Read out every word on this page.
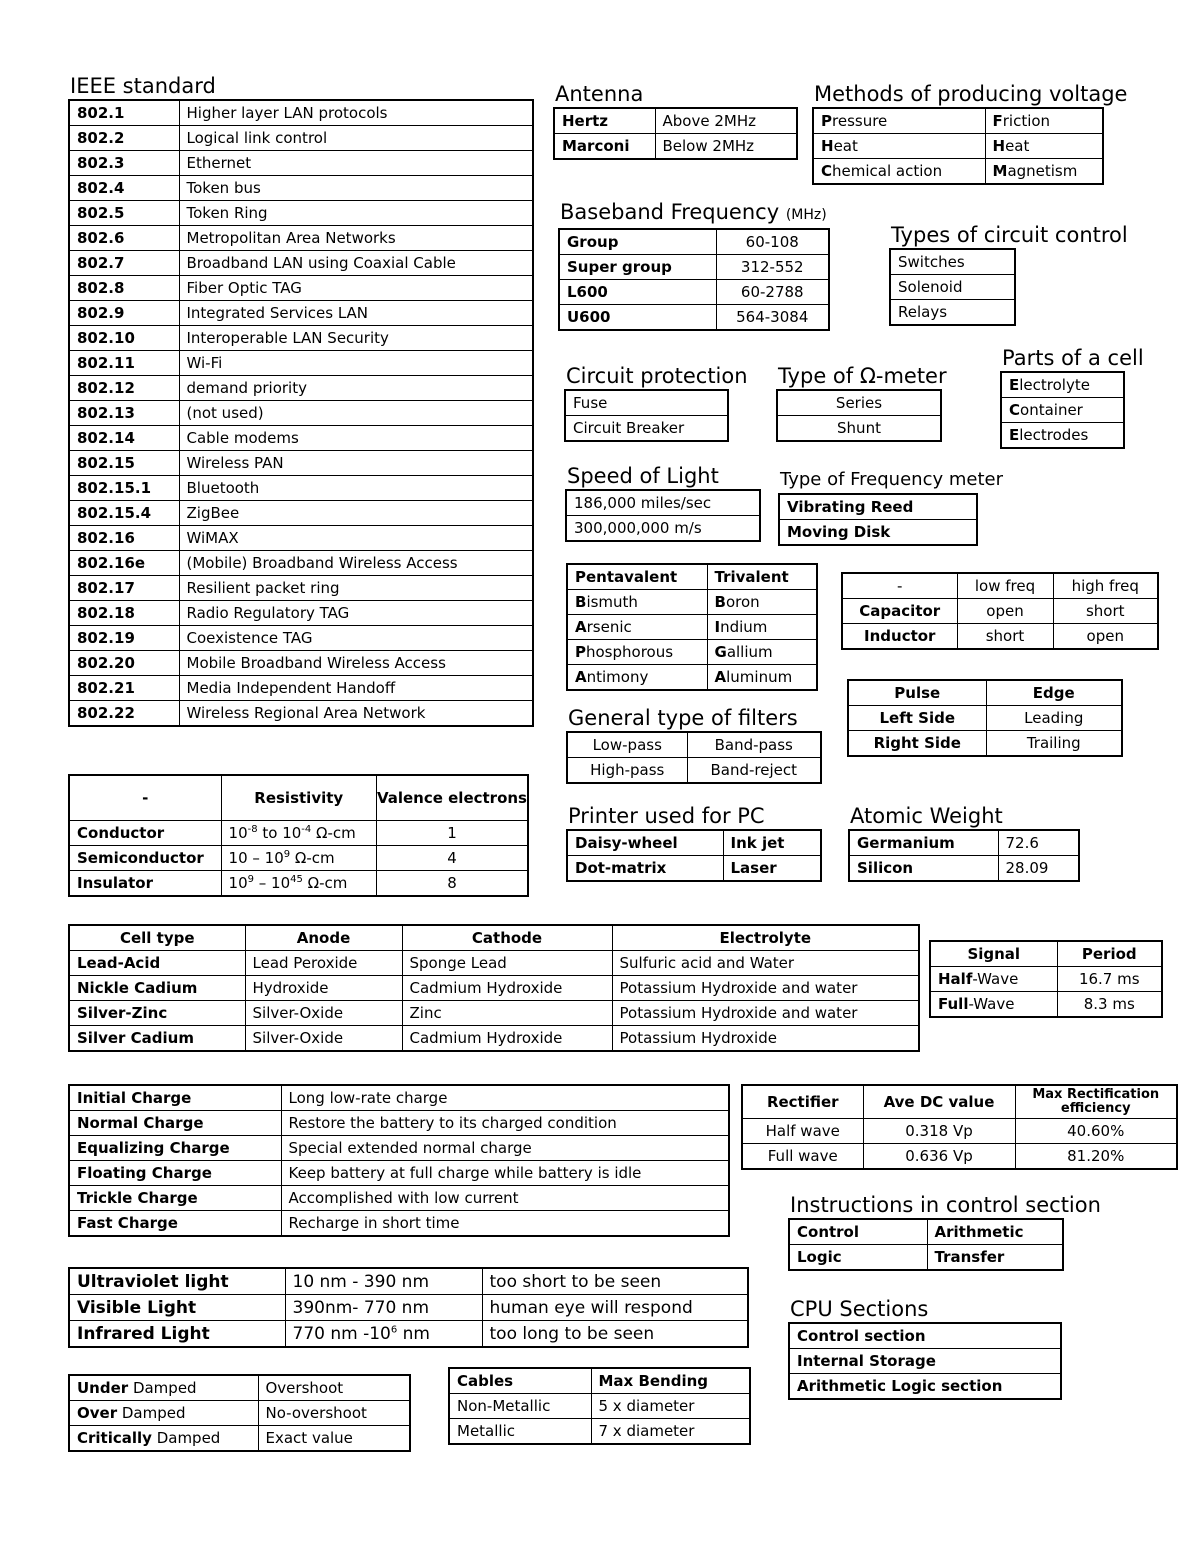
IEEE standard
802.1	Higher layer LAN protocols
802.2	Logical link control
802.3	Ethernet
802.4	Token bus
802.5	Token Ring
802.6	Metropolitan Area Networks
802.7	Broadband LAN using Coaxial Cable
802.8	Fiber Optic TAG
802.9	Integrated Services LAN
802.10	Interoperable LAN Security
802.11	Wi-Fi
802.12	demand priority
802.13	(not used)
802.14	Cable modems
802.15	Wireless PAN
802.15.1	Bluetooth
802.15.4	ZigBee
802.16	WiMAX
802.16e	(Mobile) Broadband Wireless Access
802.17	Resilient packet ring
802.18	Radio Regulatory TAG
802.19	Coexistence TAG
802.20	Mobile Broadband Wireless Access
802.21	Media Independent Handoff
802.22	Wireless Regional Area Network
Antenna
Hertz	Above 2MHz
Marconi	Below 2MHz
Methods of producing voltage
Pressure	Friction
Heat	Heat
Chemical action	Magnetism
Baseband Frequency (MHz)
Group	60-108
Super group	312-552
L600	60-2788
U600	564-3084
Types of circuit control
Switches
Solenoid
Relays
Circuit protection
Fuse
Circuit Breaker
Type of Ω-meter
Series
Shunt
Parts of a cell
Electrolyte
Container
Electrodes
Speed of Light
186,000 miles/sec
300,000,000 m/s
Type of Frequency meter
Vibrating Reed
Moving Disk
Pentavalent	Trivalent
Bismuth	Boron
Arsenic	Indium
Phosphorous	Gallium
Antimony	Aluminum
-	low freq	high freq
Capacitor	open	short
Inductor	short	open
Pulse	Edge
Left Side	Leading
Right Side	Trailing
General type of filters
Low-pass	Band-pass
High-pass	Band-reject
-	Resistivity	Valence electrons
Conductor	$10^{-8}$ to $10^{-4}$ Ω-cm	1
Semiconductor	$10 - 10^9$ Ω-cm	4
Insulator	$10^9 - 10^{45}$ Ω-cm	8
Printer used for PC
Daisy-wheel	Ink jet
Dot-matrix	Laser
Atomic Weight
Germanium	72.6
Silicon	28.09
Cell type	Anode	Cathode	Electrolyte
Lead-Acid	Lead Peroxide	Sponge Lead	Sulfuric acid and Water
Nickle Cadium	Hydroxide	Cadmium Hydroxide	Potassium Hydroxide and water
Silver-Zinc	Silver-Oxide	Zinc	Potassium Hydroxide and water
Silver Cadium	Silver-Oxide	Cadmium Hydroxide	Potassium Hydroxide
Signal	Period
Half-Wave	16.7 ms
Full-Wave	8.3 ms
Initial Charge	Long low-rate charge
Normal Charge	Restore the battery to its charged condition
Equalizing Charge	Special extended normal charge
Floating Charge	Keep battery at full charge while battery is idle
Trickle Charge	Accomplished with low current
Fast Charge	Recharge in short time
Rectifier	Ave DC value	Max Rectification efficiency

Half wave	0.318 Vp	40.60%
Full wave	0.636 Vp	81.20%
Instructions in control section
Control	Arithmetic
Logic	Transfer
Ultraviolet light	10 nm - 390 nm	too short to be seen
Visible Light	390nm- 770 nm	human eye will respond
Infrared Light	770 nm $-10^6$ nm	too long to be seen
CPU Sections
Control section
Internal Storage
Arithmetic Logic section
Under Damped	Overshoot
Over Damped	No-overshoot
Critically Damped	Exact value
Cables	Max Bending
Non-Metallic	5 x diameter
Metallic	7 x diameter
